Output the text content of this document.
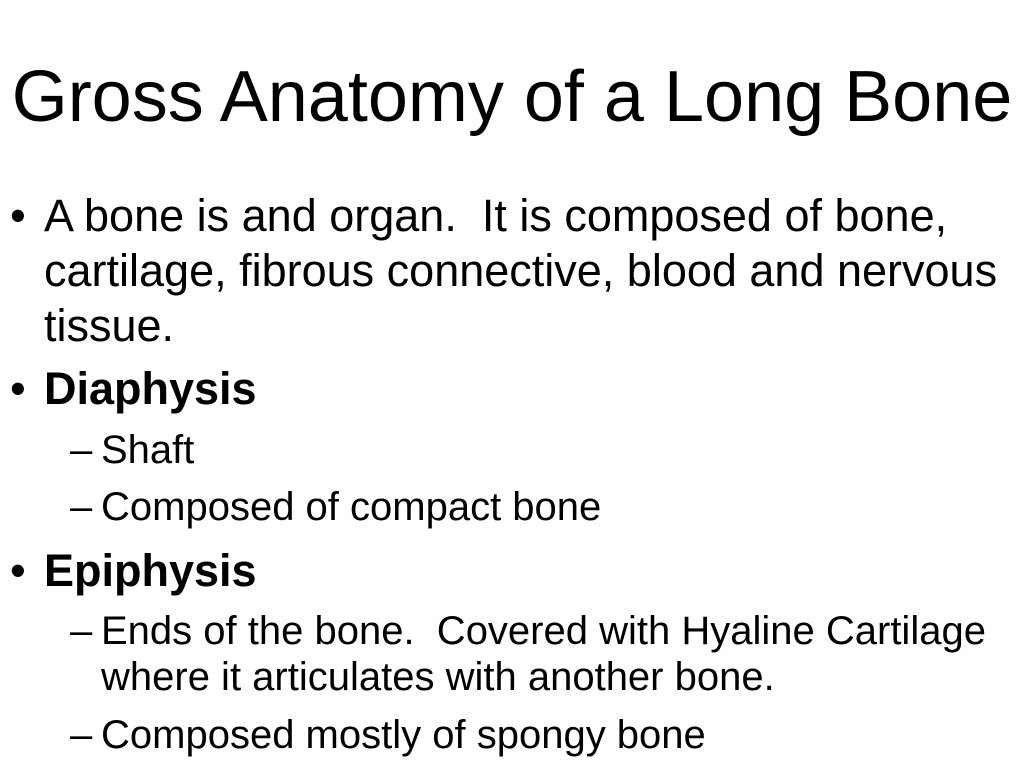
Gross Anatomy of a Long Bone
• A bone is and organ.  It is composed of bone, cartilage, fibrous connective, blood and nervous tissue.
• Diaphysis
– Shaft
– Composed of compact bone
• Epiphysis
– Ends of the bone.  Covered with Hyaline Cartilage where it articulates with another bone.
– Composed mostly of spongy bone
